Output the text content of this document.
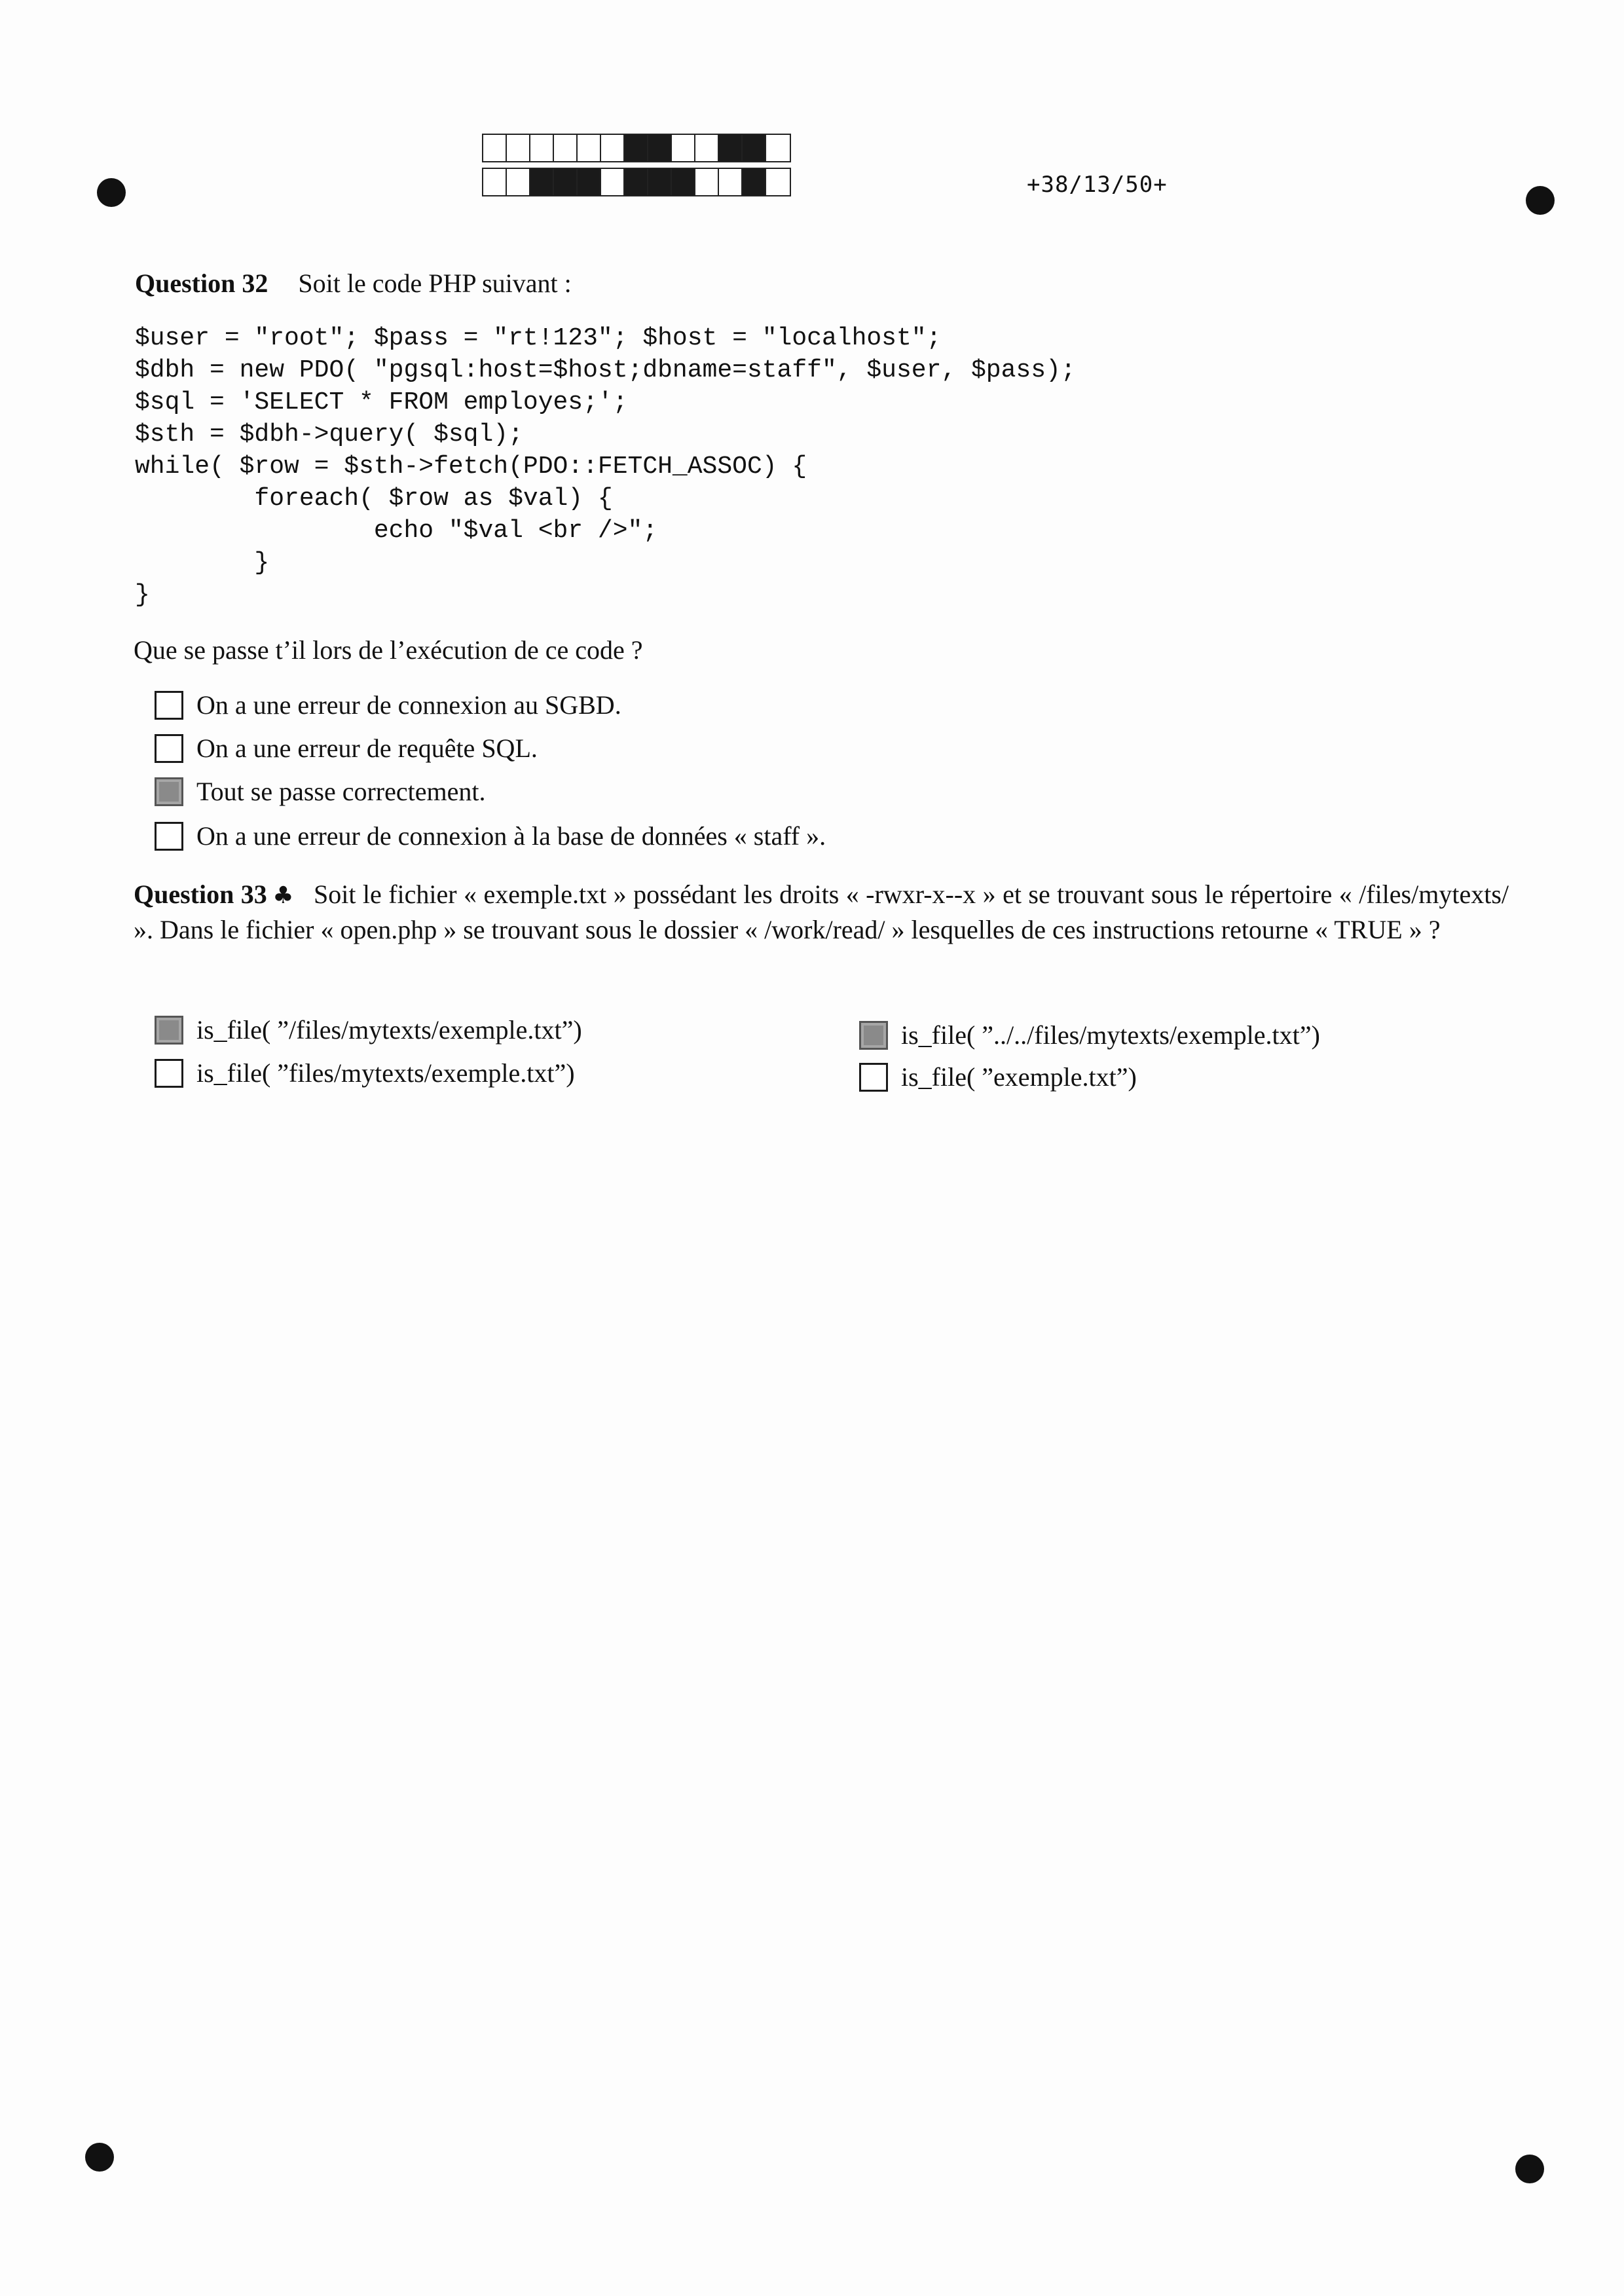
+38/13/50+
Question 32 Soit le code PHP suivant :
$user = "root"; $pass = "rt!123"; $host = "localhost";
$dbh = new PDO( "pgsql:host=$host;dbname=staff", $user, $pass);
$sql = 'SELECT * FROM employes;';
$sth = $dbh->query( $sql);
while( $row = $sth->fetch(PDO::FETCH_ASSOC) {
foreach( $row as $val) {
echo "$val <br />";
}
}
Que se passe t’il lors de l’exécution de ce code ?
On a une erreur de connexion au SGBD.
On a une erreur de requête SQL.
Tout se passe correctement.
On a une erreur de connexion à la base de données « staff ».
Question 33 ♣ Soit le fichier « exemple.txt » possédant les droits « -rwxr-x--x » et se trouvant sous le répertoire « /files/mytexts/ ». Dans le fichier « open.php » se trouvant sous le dossier « /work/read/ » lesquelles de ces instructions retourne « TRUE » ?
is_file( ”/files/mytexts/exemple.txt”)
is_file( ”files/mytexts/exemple.txt”)
is_file( ”../../files/mytexts/exemple.txt”)
is_file( ”exemple.txt”)
